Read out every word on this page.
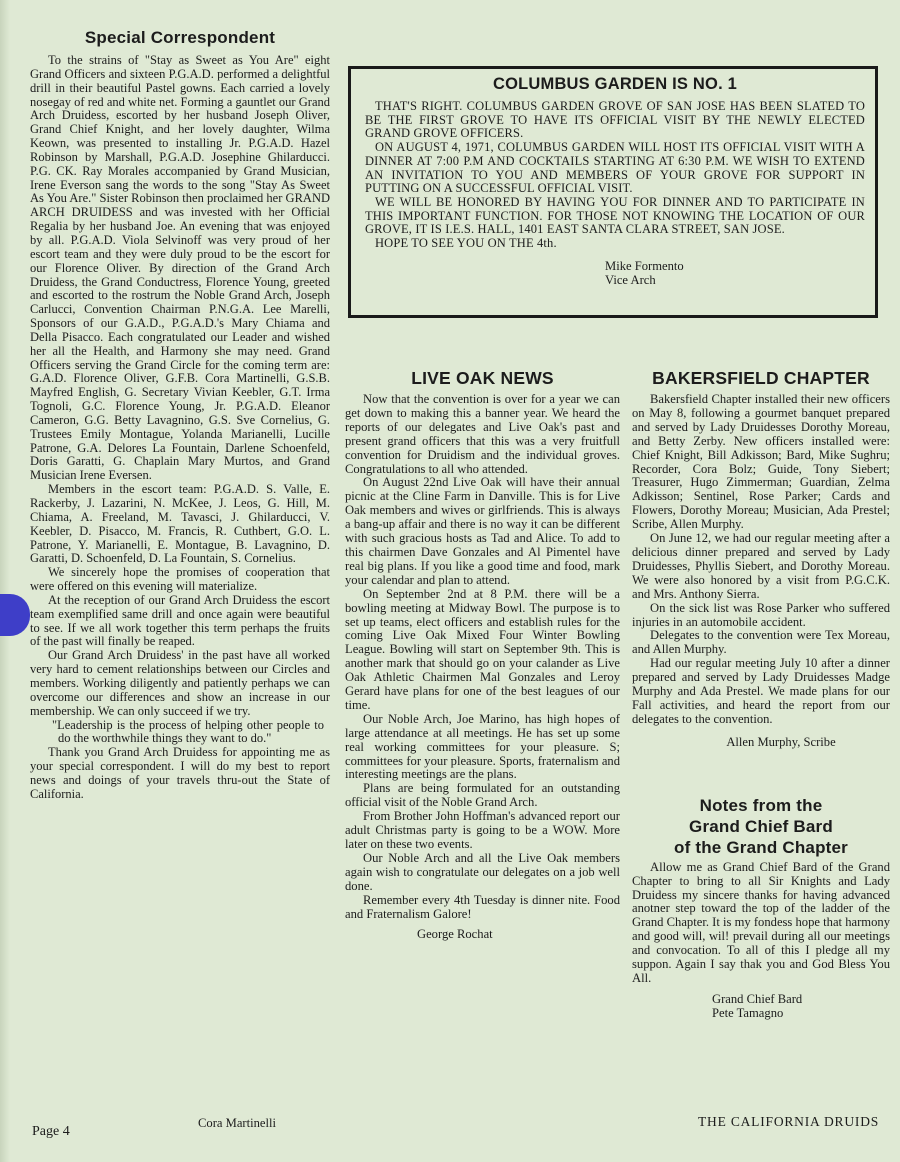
Special Correspondent

To the strains of "Stay as Sweet as You Are" eight Grand Officers and sixteen P.G.A.D. performed a delightful drill in their beautiful Pastel gowns. Each carried a lovely nosegay of red and white net. Forming a gauntlet our Grand Arch Druidess, escorted by her husband Joseph Oliver, Grand Chief Knight, and her lovely daughter, Wilma Keown, was presented to installing Jr. P.G.A.D. Hazel Robinson by Marshall, P.G.A.D. Josephine Ghilarducci. P.G. CK. Ray Morales accompanied by Grand Musician, Irene Everson sang the words to the song "Stay As Sweet As You Are." Sister Robinson then proclaimed her GRAND ARCH DRUIDESS and was invested with her Official Regalia by her husband Joe. An evening that was enjoyed by all. P.G.A.D. Viola Selvinoff was very proud of her escort team and they were duly proud to be the escort for our Florence Oliver. By direction of the Grand Arch Druidess, the Grand Conductress, Florence Young, greeted and escorted to the rostrum the Noble Grand Arch, Joseph Carlucci, Convention Chairman P.N.G.A. Lee Marelli, Sponsors of our G.A.D., P.G.A.D.'s Mary Chiama and Della Pisacco. Each congratulated our Leader and wished her all the Health, and Harmony she may need. Grand Officers serving the Grand Circle for the coming term are: G.A.D. Florence Oliver, G.F.B. Cora Martinelli, G.S.B. Mayfred English, G. Secretary Vivian Keebler, G.T. Irma Tognoli, G.C. Florence Young, Jr. P.G.A.D. Eleanor Cameron, G.G. Betty Lavagnino, G.S. Sve Cornelius, G. Trustees Emily Montague, Yolanda Marianelli, Lucille Patrone, G.A. Delores La Fountain, Darlene Schoenfeld, Doris Garatti, G. Chaplain Mary Murtos, and Grand Musician Irene Eversen.

Members in the escort team: P.G.A.D. S. Valle, E. Rackerby, J. Lazarini, N. McKee, J. Leos, G. Hill, M. Chiama, A. Freeland, M. Tavasci, J. Ghilarducci, V. Keebler, D. Pisacco, M. Francis, R. Cuthbert, G.O. L. Patrone, Y. Marianelli, E. Montague, B. Lavagnino, D. Garatti, D. Schoenfeld, D. La Fountain, S. Cornelius.

We sincerely hope the promises of cooperation that were offered on this evening will materialize.

At the reception of our Grand Arch Druidess the escort team exemplified same drill and once again were beautiful to see. If we all work together this term perhaps the fruits of the past will finally be reaped.

Our Grand Arch Druidess' in the past have all worked very hard to cement relationships between our Circles and members. Working diligently and patiently perhaps we can overcome our differences and show an increase in our membership. We can only succeed if we try.

"Leadership is the process of helping other people to do the worthwhile things they want to do."

Thank you Grand Arch Druidess for appointing me as your special correspondent. I will do my best to report news and doings of your travels thru-out the State of California.

COLUMBUS GARDEN IS NO. 1

THAT'S RIGHT. COLUMBUS GARDEN GROVE OF SAN JOSE HAS BEEN SLATED TO BE THE FIRST GROVE TO HAVE ITS OFFICIAL VISIT BY THE NEWLY ELECTED GRAND GROVE OFFICERS.

ON AUGUST 4, 1971, COLUMBUS GARDEN WILL HOST ITS OFFICIAL VISIT WITH A DINNER AT 7:00 P.M AND COCKTAILS STARTING AT 6:30 P.M. WE WISH TO EXTEND AN INVITATION TO YOU AND MEMBERS OF YOUR GROVE FOR SUPPORT IN PUTTING ON A SUCCESSFUL OFFICIAL VISIT.

WE WILL BE HONORED BY HAVING YOU FOR DINNER AND TO PARTICIPATE IN THIS IMPORTANT FUNCTION. FOR THOSE NOT KNOWING THE LOCATION OF OUR GROVE, IT IS I.E.S. HALL, 1401 EAST SANTA CLARA STREET, SAN JOSE.

HOPE TO SEE YOU ON THE 4th.

Mike Formento
Vice Arch
LIVE OAK NEWS

Now that the convention is over for a year we can get down to making this a banner year. We heard the reports of our delegates and Live Oak's past and present grand officers that this was a very fruitfull convention for Druidism and the individual groves. Congratulations to all who attended.

On August 22nd Live Oak will have their annual picnic at the Cline Farm in Danville. This is for Live Oak members and wives or girlfriends. This is always a bang-up affair and there is no way it can be different with such gracious hosts as Tad and Alice. To add to this chairmen Dave Gonzales and Al Pimentel have real big plans. If you like a good time and food, mark your calendar and plan to attend.

On September 2nd at 8 P.M. there will be a bowling meeting at Midway Bowl. The purpose is to set up teams, elect officers and establish rules for the coming Live Oak Mixed Four Winter Bowling League. Bowling will start on September 9th. This is another mark that should go on your calander as Live Oak Athletic Chairmen Mal Gonzales and Leroy Gerard have plans for one of the best leagues of our time.

Our Noble Arch, Joe Marino, has high hopes of large attendance at all meetings. He has set up some real working committees for your pleasure. S; committees for your pleasure. Sports, fraternalism and interesting meetings are the plans.

Plans are being formulated for an outstanding official visit of the Noble Grand Arch.

From Brother John Hoffman's advanced report our adult Christmas party is going to be a WOW. More later on these two events.

Our Noble Arch and all the Live Oak members again wish to congratulate our delegates on a job well done.

Remember every 4th Tuesday is dinner nite. Food and Fraternalism Galore!

George Rochat
BAKERSFIELD CHAPTER

Bakersfield Chapter installed their new officers on May 8, following a gourmet banquet prepared and served by Lady Druidesses Dorothy Moreau, and Betty Zerby. New officers installed were: Chief Knight, Bill Adkisson; Bard, Mike Sughru; Recorder, Cora Bolz; Guide, Tony Siebert; Treasurer, Hugo Zimmerman; Guardian, Zelma Adkisson; Sentinel, Rose Parker; Cards and Flowers, Dorothy Moreau; Musician, Ada Prestel; Scribe, Allen Murphy.

On June 12, we had our regular meeting after a delicious dinner prepared and served by Lady Druidesses, Phyllis Siebert, and Dorothy Moreau. We were also honored by a visit from P.G.C.K. and Mrs. Anthony Sierra.

On the sick list was Rose Parker who suffered injuries in an automobile accident.

Delegates to the convention were Tex Moreau, and Allen Murphy.

Had our regular meeting July 10 after a dinner prepared and served by Lady Druidesses Madge Murphy and Ada Prestel. We made plans for our Fall activities, and heard the report from our delegates to the convention.

Allen Murphy, Scribe
Notes from the
Grand Chief Bard
of the Grand Chapter

Allow me as Grand Chief Bard of the Grand Chapter to bring to all Sir Knights and Lady Druidess my sincere thanks for having advanced anotner step toward the top of the ladder of the Grand Chapter. It is my fondess hope that harmony and good will, wil! prevail during all our meetings and convocation. To all of this I pledge all my suppon. Again I say thak you and God Bless You All.

Grand Chief Bard
Pete Tamagno
Page 4
Cora Martinelli	THE CALIFORNIA DRUIDS
